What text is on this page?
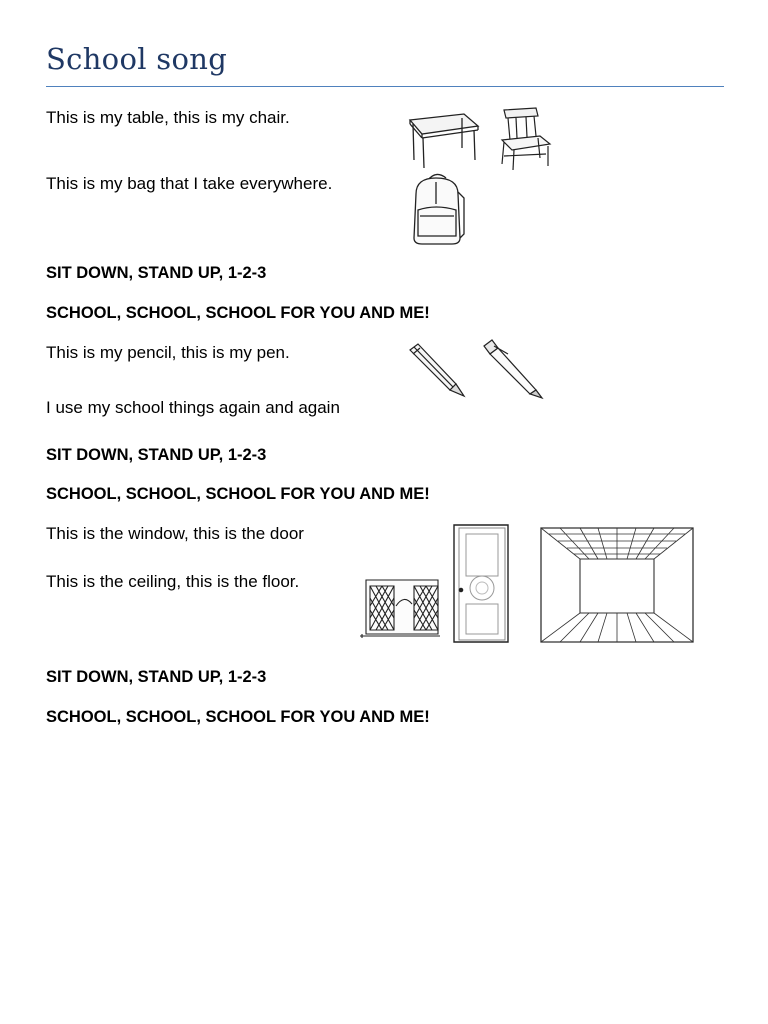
School song

This is my table, this is my chair.

This is my bag that I take everywhere.

SIT DOWN, STAND UP, 1-2-3

SCHOOL, SCHOOL, SCHOOL FOR YOU AND ME!

This is my pencil, this is my pen.

I use my school things again and again

SIT DOWN, STAND UP, 1-2-3

SCHOOL, SCHOOL, SCHOOL FOR YOU AND ME!

This is the window, this is the door

This is the ceiling, this is the floor.

SIT DOWN, STAND UP, 1-2-3

SCHOOL, SCHOOL, SCHOOL FOR YOU AND ME!
